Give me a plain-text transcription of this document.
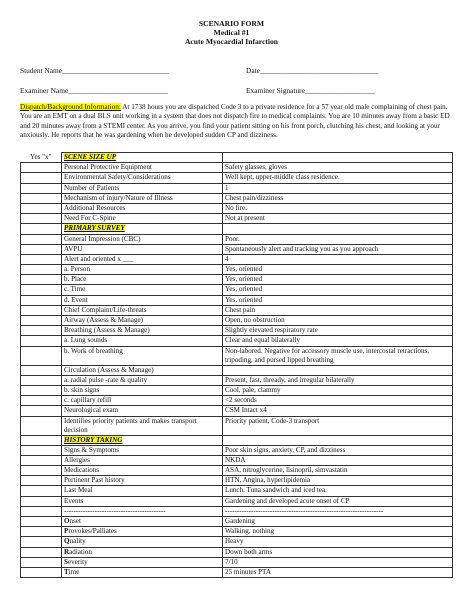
SCENARIO FORM
Medical #1
Acute Myocardial Infarction
Student Name_____________________________	Date________________________________
Examiner Name___________________________	Examiner Signature___________________
Dispatch/Background Information: At 1738 hours you are dispatched Code 3 to a private residence for a 57 year old male complaining of chest pain. You are an EMT on a dual BLS unit working in a system that does not dispatch fire to medical complaints. You are 10 minutes away from a basic ED and 20 minutes away from a STEMI center. As you arrive, you find your patient sitting on his front porch, clutching his chest, and looking at your anxiously. He reports that he was gardening when he developed sudden CP and dizziness.
Yes "x"	SCENE SIZE UP	
	Personal Protective Equipment	Safety glasses, gloves
	Environmental Safety/Considerations	Well kept, upper-middle class residence.
	Number of Patients	1
	Mechanism of injury/Nature of Illness	Chest pain/dizziness
	Additional Resources	No fire.
	Need For C-Spine	Not at present
	PRIMARY SURVEY	
	General Impression (CBC)	Poor.
	AVPU	Spontaneously alert and tracking you as you approach
	Alert and oriented x ___	4
	a. Person	Yes, oriented
	b. Place	Yes, oriented
	c. Time	Yes, oriented
	d. Event	Yes, oriented
	Chief Complaint/Life-threats	Chest pain
	Airway (Assess & Manage)	Open, no obstruction
	Breathing (Assess & Manage)	Slightly elevated respiratory rate
	a. Lung sounds	Clear and equal bilaterally
	b. Work of breathing	Non-labored. Negative for accessory muscle use, intercostal retractions, tripoding, and pursed lipped breathing
	Circulation (Assess & Manage)	
	a. radial pulse -rate & quality	Present, fast, thready, and irregular bilaterally
	b. skin signs	Cool, pale, clammy
	c. capillary refill	<2 seconds
	Neurological exam	CSM Intact x4
	Identifies priority patients and makes transport decision	Priority patient, Code-3 transport
	HISTORY TAKING	
	Signs & Symptoms	Poor skin signs, anxiety, CP, and dizziness
	Allergies	NKDA
	Medications	ASA, nitroglycerine, lisinopril, simvastatin
	Pertinent Past history	HTN, Angina, hyperlipidemia
	Last Meal	Lunch. Tuna sandwich and iced tea.
	Events	Gardening and developed acute onset of CP
	-------------------------------------------	-------------------------------------------------------------------
	Onset	Gardening
	Provokes/Palliates	Walking, nothing
	Quality	Heavy
	Radiation	Down both arms
	Severity	7/10
	Time	25 minutes PTA
